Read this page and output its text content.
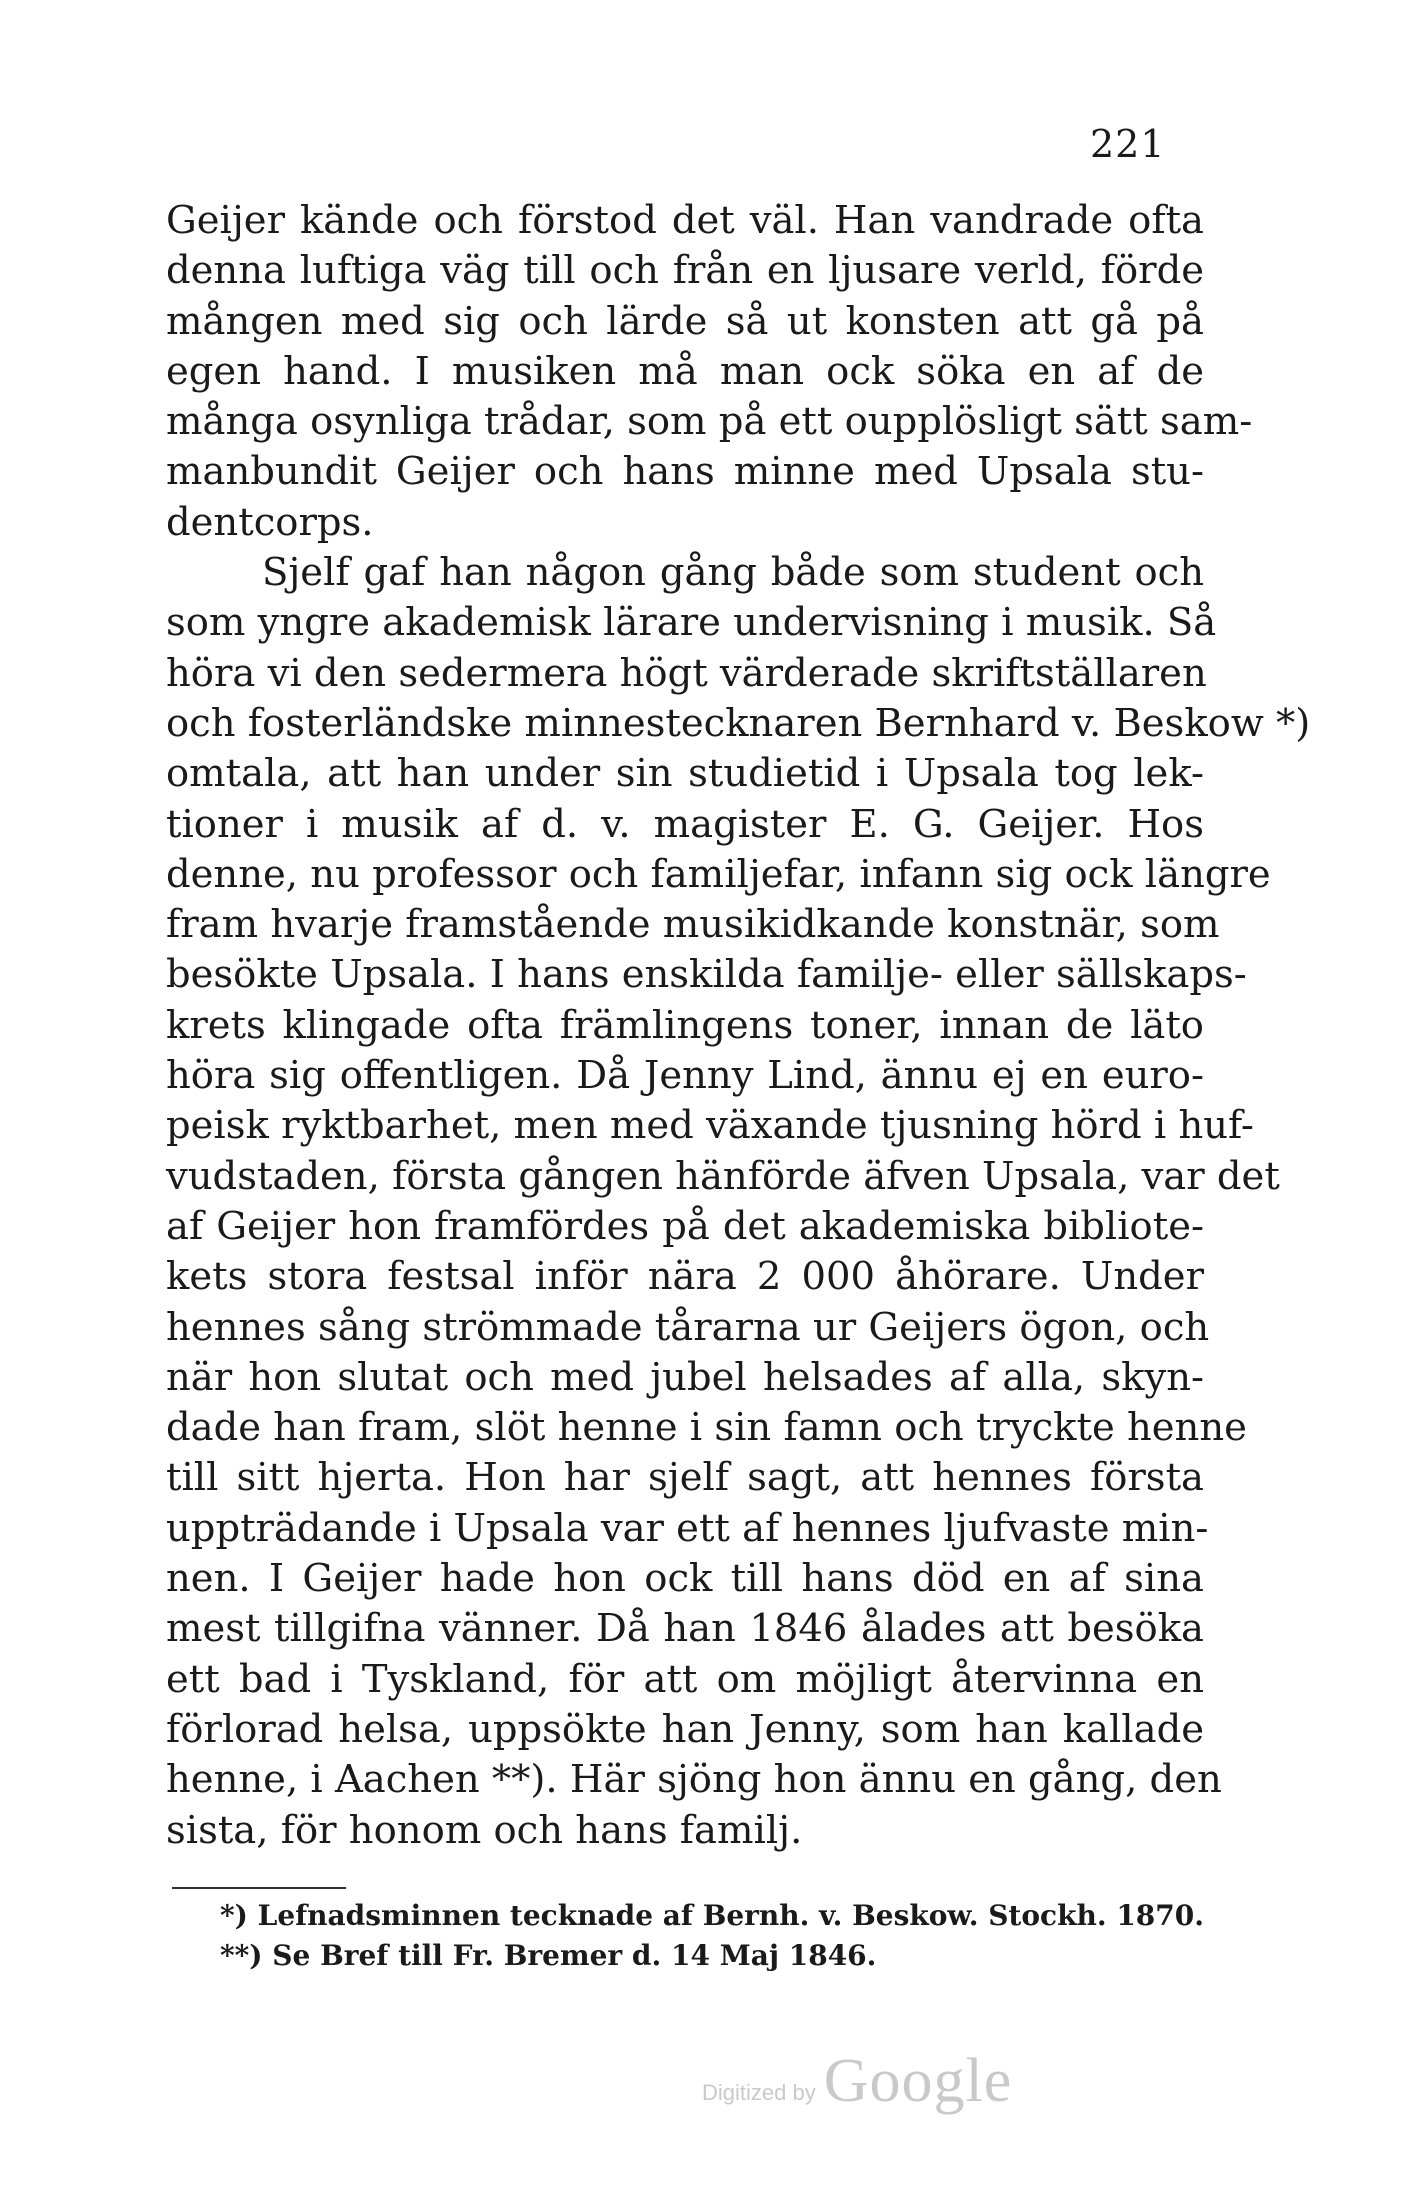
221
Geijer kände och förstod det väl. Han vandrade ofta
denna luftiga väg till och från en ljusare verld, förde
mången med sig och lärde så ut konsten att gå på
egen hand. I musiken må man ock söka en af de
många osynliga trådar, som på ett oupplösligt sätt sam-
manbundit Geijer och hans minne med Upsala stu-
dentcorps.
Sjelf gaf han någon gång både som student och
som yngre akademisk lärare undervisning i musik. Så
höra vi den sedermera högt värderade skriftställaren
och fosterländske minnestecknaren Bernhard v. Beskow *)
omtala, att han under sin studietid i Upsala tog lek-
tioner i musik af d. v. magister E. G. Geijer. Hos
denne, nu professor och familjefar, infann sig ock längre
fram hvarje framstående musikidkande konstnär, som
besökte Upsala. I hans enskilda familje- eller sällskaps-
krets klingade ofta främlingens toner, innan de läto
höra sig offentligen. Då Jenny Lind, ännu ej en euro-
peisk ryktbarhet, men med växande tjusning hörd i huf-
vudstaden, första gången hänförde äfven Upsala, var det
af Geijer hon framfördes på det akademiska bibliote-
kets stora festsal inför nära 2 000 åhörare. Under
hennes sång strömmade tårarna ur Geijers ögon, och
när hon slutat och med jubel helsades af alla, skyn-
dade han fram, slöt henne i sin famn och tryckte henne
till sitt hjerta. Hon har sjelf sagt, att hennes första
uppträdande i Upsala var ett af hennes ljufvaste min-
nen. I Geijer hade hon ock till hans död en af sina
mest tillgifna vänner. Då han 1846 ålades att besöka
ett bad i Tyskland, för att om möjligt återvinna en
förlorad helsa, uppsökte han Jenny, som han kallade
henne, i Aachen **). Här sjöng hon ännu en gång, den
sista, för honom och hans familj.
*) Lefnadsminnen tecknade af Bernh. v. Beskow. Stockh. 1870.
**) Se Bref till Fr. Bremer d. 14 Maj 1846.
Digitized by Google
